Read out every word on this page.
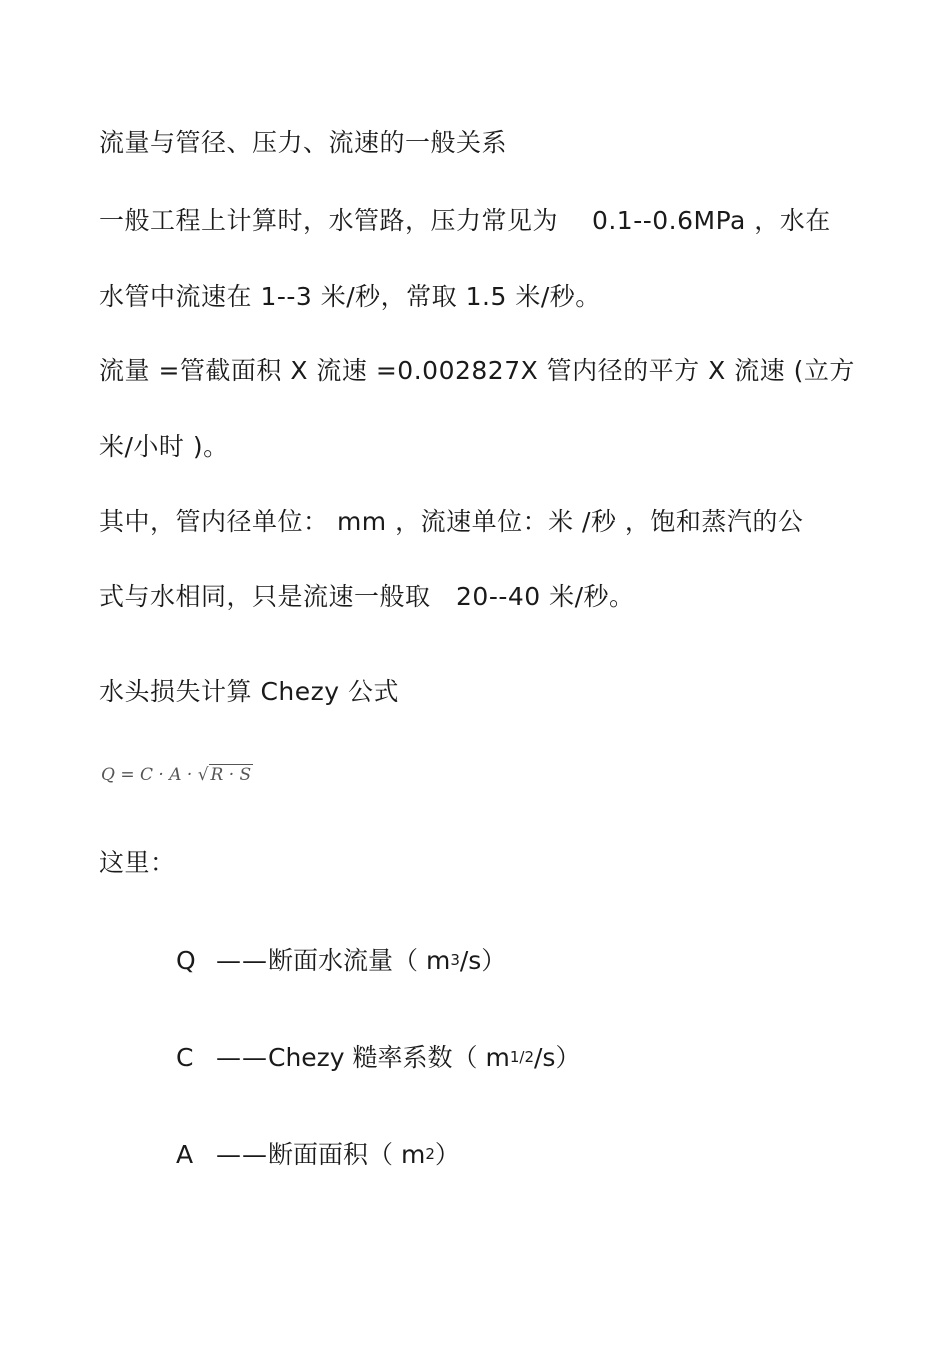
流量与管径、压力、流速的一般关系
一般工程上计算时，水管路，压力常见为　 0.1--0.6MPa ，水在
水管中流速在 1--3 米/秒，常取 1.5 米/秒。
流量 =管截面积 X 流速 =0.002827X 管内径的平方 X 流速 (立方
米/小时 )。
其中，管内径单位： mm ，流速单位：米 /秒 ，饱和蒸汽的公
式与水相同，只是流速一般取　20--40 米/秒。
水头损失计算 Chezy 公式
Q = C · A · √ R · S
这里：
Q ——断面水流量（ $m^3/s$）
C ——Chezy 糙率系数（ $m^{1/2}/s$）
A ——断面面积（ $m^2$）
